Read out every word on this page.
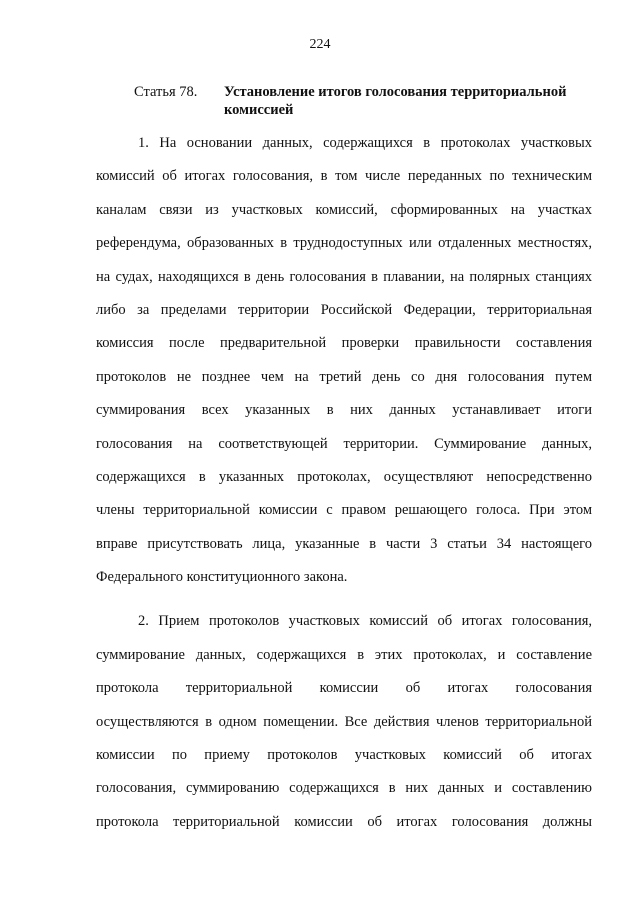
224
Статья 78. Установление итогов голосования территориальной комиссией
1. На основании данных, содержащихся в протоколах участковых
комиссий об итогах голосования, в том числе переданных по техническим
каналам связи из участковых комиссий, сформированных на участках
референдума, образованных в труднодоступных или отдаленных местностях,
на судах, находящихся в день голосования в плавании, на полярных станциях
либо за пределами территории Российской Федерации, территориальная
комиссия после предварительной проверки правильности составления
протоколов не позднее чем на третий день со дня голосования путем
суммирования всех указанных в них данных устанавливает итоги
голосования на соответствующей территории. Суммирование данных,
содержащихся в указанных протоколах, осуществляют непосредственно
члены территориальной комиссии с правом решающего голоса. При этом
вправе присутствовать лица, указанные в части 3 статьи 34 настоящего
Федерального конституционного закона.
2. Прием протоколов участковых комиссий об итогах голосования,
суммирование данных, содержащихся в этих протоколах, и составление
протокола территориальной комиссии об итогах голосования
осуществляются в одном помещении. Все действия членов территориальной
комиссии по приему протоколов участковых комиссий об итогах
голосования, суммированию содержащихся в них данных и составлению
протокола территориальной комиссии об итогах голосования должны
